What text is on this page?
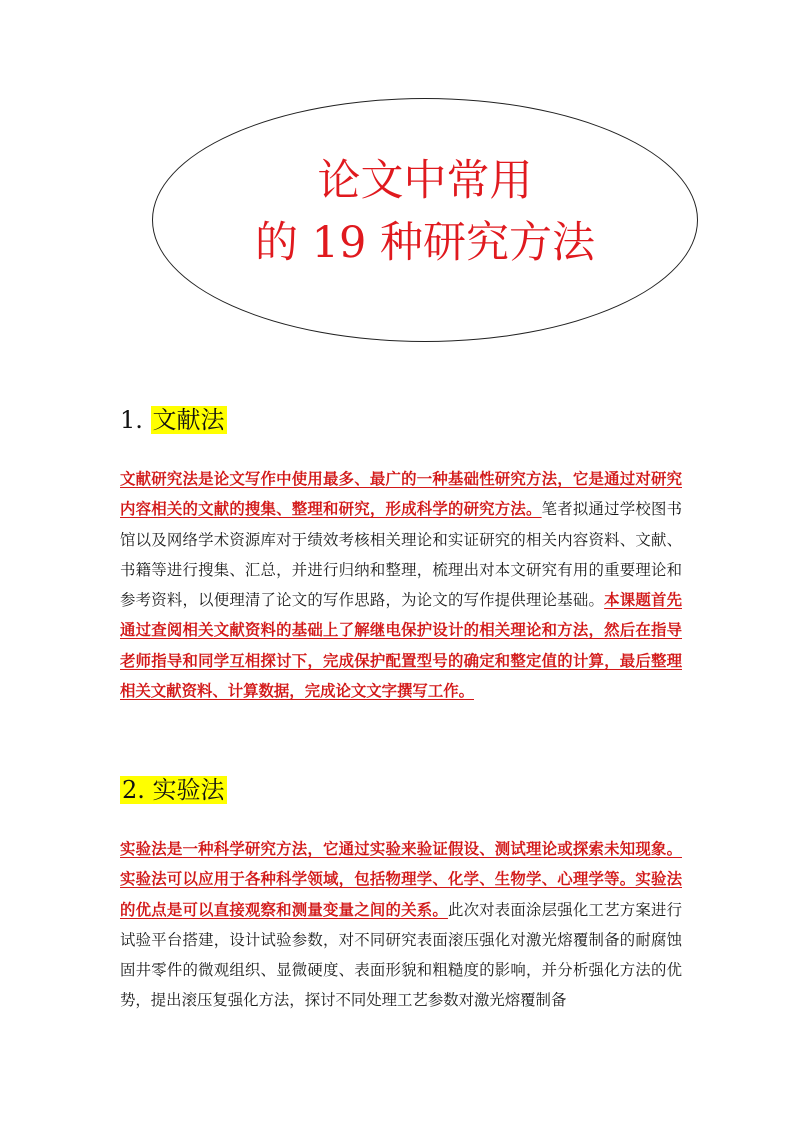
论文中常用
的 19 种研究方法
1. 文献法
文献研究法是论文写作中使用最多、最广的一种基础性研究方法，它是通过对研究内容相关的文献的搜集、整理和研究，形成科学的研究方法。笔者拟通过学校图书馆以及网络学术资源库对于绩效考核相关理论和实证研究的相关内容资料、文献、书籍等进行搜集、汇总，并进行归纳和整理，梳理出对本文研究有用的重要理论和参考资料，以便理清了论文的写作思路，为论文的写作提供理论基础。本课题首先通过查阅相关文献资料的基础上了解继电保护设计的相关理论和方法，然后在指导老师指导和同学互相探讨下，完成保护配置型号的确定和整定值的计算，最后整理相关文献资料、计算数据，完成论文文字撰写工作。
2. 实验法
实验法是一种科学研究方法，它通过实验来验证假设、测试理论或探索未知现象。实验法可以应用于各种科学领域，包括物理学、化学、生物学、心理学等。实验法的优点是可以直接观察和测量变量之间的关系。此次对表面涂层强化工艺方案进行试验平台搭建，设计试验参数，对不同研究表面滚压强化对激光熔覆制备的耐腐蚀固井零件的微观组织、显微硬度、表面形貌和粗糙度的影响，并分析强化方法的优势，提出滚压复强化方法，探讨不同处理工艺参数对激光熔覆制备
